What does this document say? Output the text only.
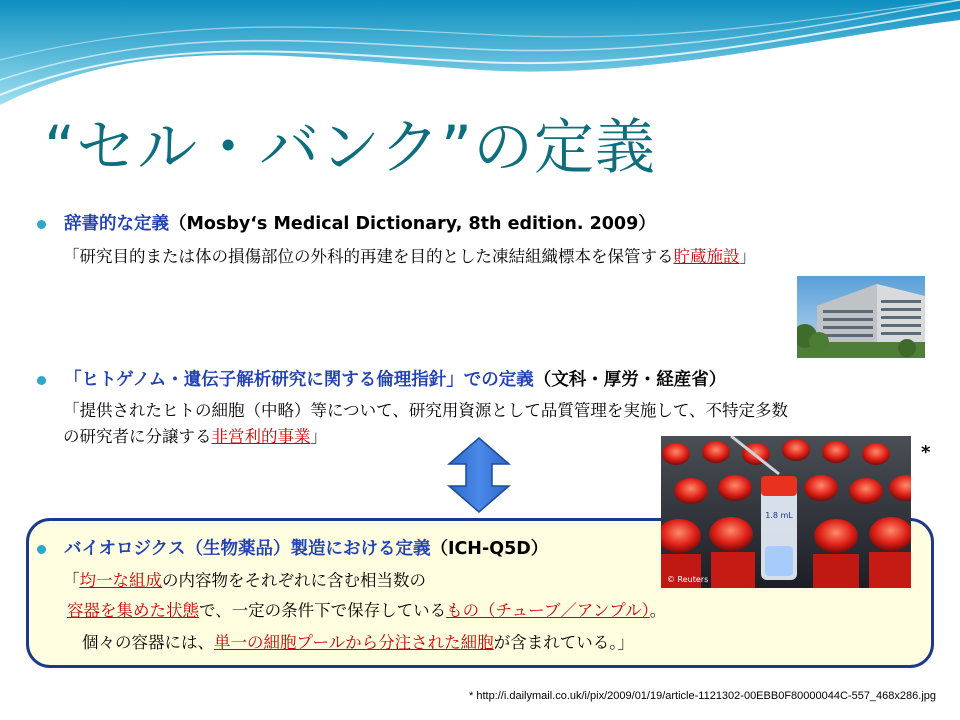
“セル・バンク”の定義
辞書的な定義（Mosby‘s Medical Dictionary, 8th edition. 2009）
「研究目的または体の損傷部位の外科的再建を目的とした凍結組織標本を保管する貯蔵施設」
「ヒトゲノム・遺伝子解析研究に関する倫理指針」での定義（文科・厚労・経産省）
「提供されたヒトの細胞（中略）等について、研究用資源として品質管理を実施して、不特定多数
の研究者に分譲する非営利的事業」
バイオロジクス（生物薬品）製造における定義（ICH-Q5D）
「均一な組成の内容物をそれぞれに含む相当数の
容器を集めた状態で、一定の条件下で保存しているもの（チューブ／アンプル）。
個々の容器には、単一の細胞プールから分注された細胞が含まれている。」
1.8 mL
© Reuters
*
* http://i.dailymail.co.uk/i/pix/2009/01/19/article-1121302-00EBB0F80000044C-557_468x286.jpg
